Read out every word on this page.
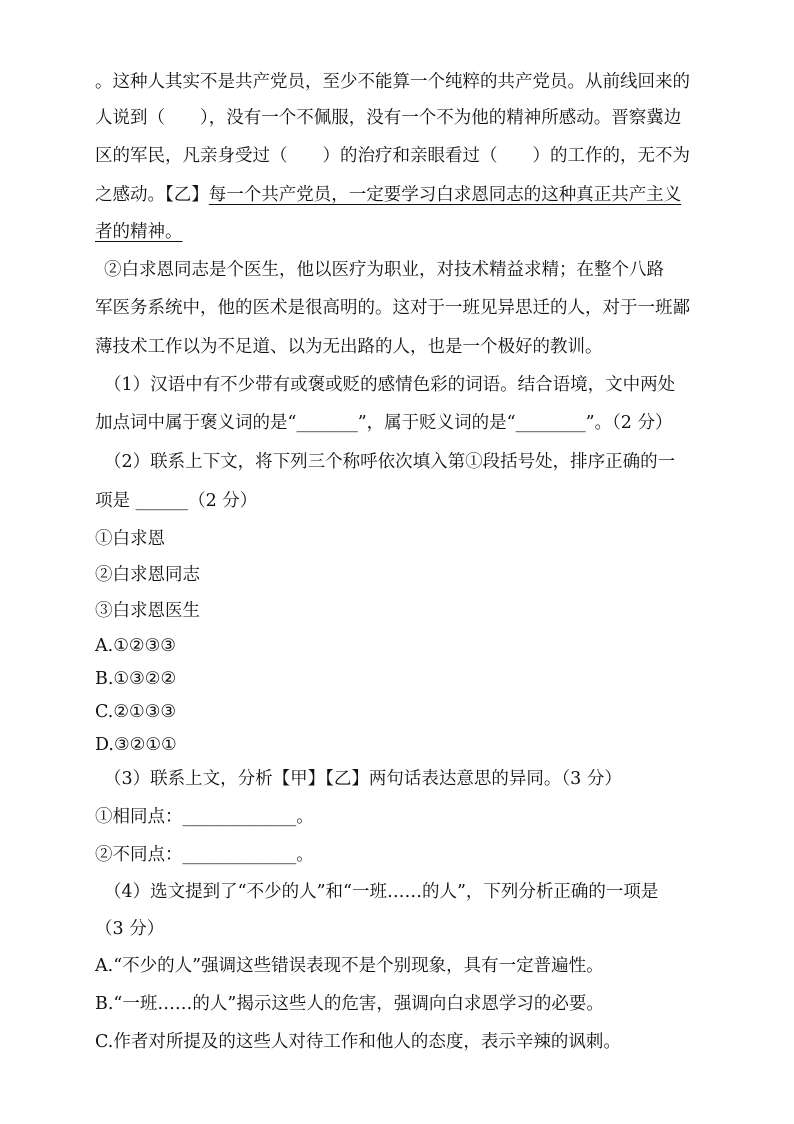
。这种人其实不是共产党员，至少不能算一个纯粹的共产党员。从前线回来的
人说到（　　），没有一个不佩服，没有一个不为他的精神所感动。晋察冀边
区的军民，凡亲身受过（　　）的治疗和亲眼看过（　　）的工作的，无不为
之感动。【乙】每一个共产党员，一定要学习白求恩同志的这种真正共产主义
者的精神。
②白求恩同志是个医生，他以医疗为职业，对技术精益求精；在整个八路
军医务系统中，他的医术是很高明的。这对于一班见异思迁的人，对于一班鄙
薄技术工作以为不足道、以为无出路的人，也是一个极好的教训。
（1）汉语中有不少带有或褒或贬的感情色彩的词语。结合语境，文中两处
加点词中属于褒义词的是“_______”，属于贬义词的是“________”。（2 分）
（2）联系上下文，将下列三个称呼依次填入第①段括号处，排序正确的一
项是 ______（2 分）
①白求恩
②白求恩同志
③白求恩医生
A.①②③③
B.①③②②
C.②①③③
D.③②①①
（3）联系上文，分析【甲】【乙】两句话表达意思的异同。（3 分）
①相同点：_____________。
②不同点：_____________。
（4）选文提到了“不少的人”和“一班……的人”，下列分析正确的一项是
（3 分）
A.“不少的人”强调这些错误表现不是个别现象，具有一定普遍性。
B.“一班……的人”揭示这些人的危害，强调向白求恩学习的必要。
C.作者对所提及的这些人对待工作和他人的态度，表示辛辣的讽刺。
